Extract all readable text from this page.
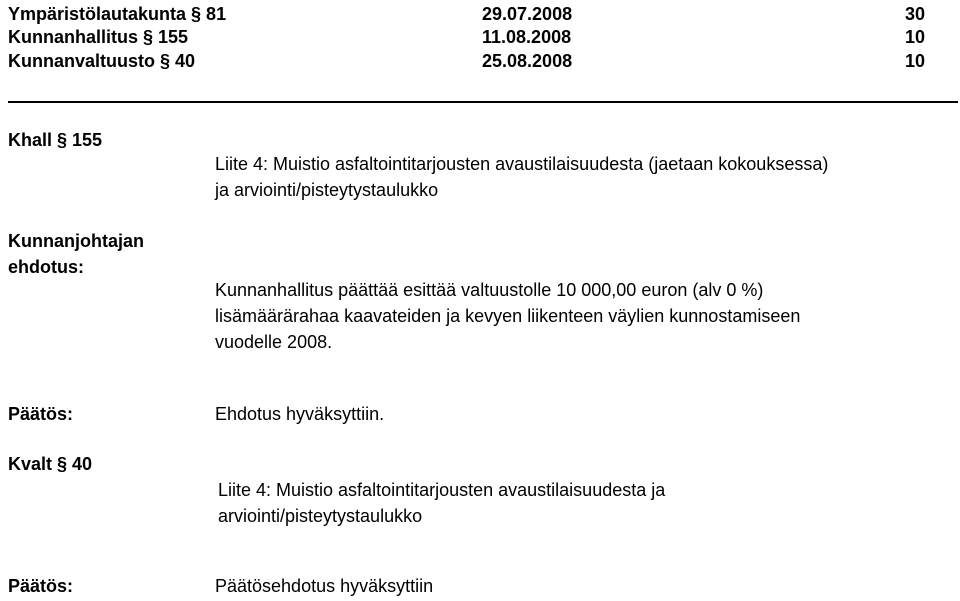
Ympäristölautakunta § 81	29.07.2008	30
Kunnanhallitus § 155	11.08.2008	10
Kunnanvaltuusto § 40	25.08.2008	10
Khall § 155
Liite 4: Muistio asfaltointitarjousten avaustilaisuudesta (jaetaan kokouksessa)
ja arviointi/pisteytystaulukko
Kunnanjohtajan
ehdotus:
Kunnanhallitus päättää esittää valtuustolle 10 000,00 euron (alv 0 %)
lisämäärärahaa kaavateiden ja kevyen liikenteen väylien kunnostamiseen
vuodelle 2008.
Päätös:	Ehdotus hyväksyttiin.
Kvalt § 40
Liite 4: Muistio asfaltointitarjousten avaustilaisuudesta ja
arviointi/pisteytystaulukko
Päätös:	Päätösehdotus hyväksyttiin
